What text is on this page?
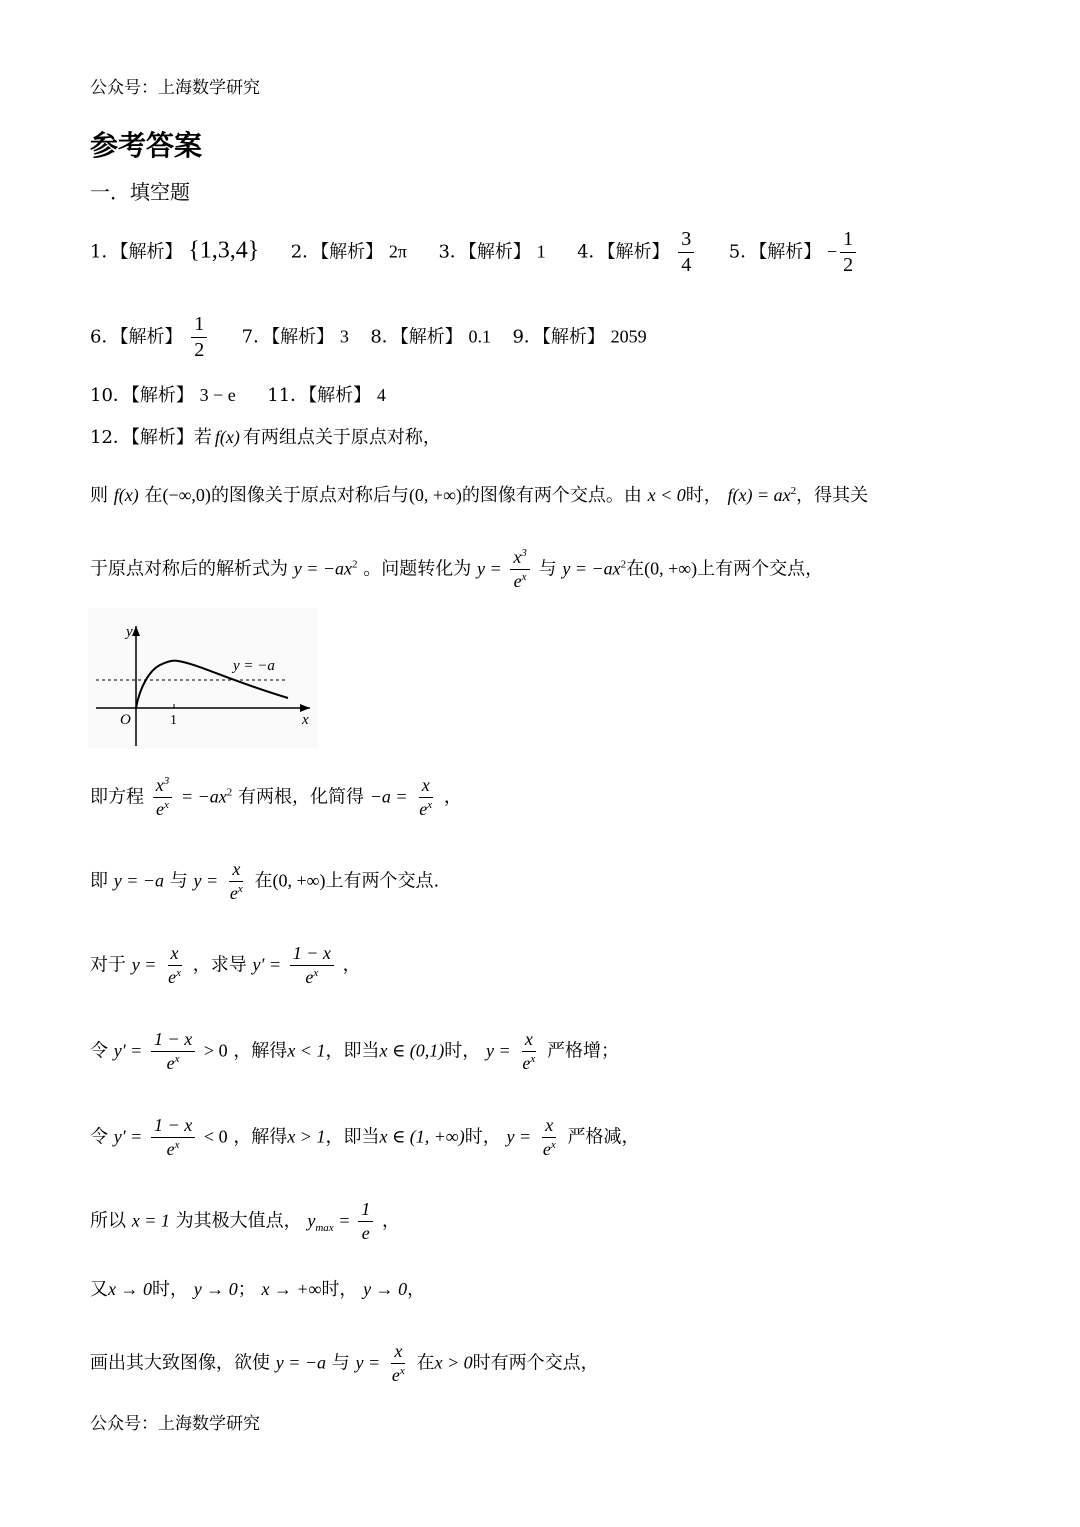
公众号：上海数学研究
参考答案
一．填空题
1．【解析】 {1,3,4} 2．【解析】 2π 3．【解析】 1 4．【解析】 $\frac{3}{4} 5$．【解析】 − $\frac{1}{2}$
6．【解析】 $\frac{1}{2} 7$．【解析】 3 8．【解析】 0.1 9．【解析】 2059
10．【解析】 3 − e 11．【解析】 4
12．【解析】若 f(x) 有两组点关于原点对称，
则 f(x) 在(−∞,0)的图像关于原点对称后与(0, +∞)的图像有两个交点。由 x < 0时， $f(x) = ax^2$，得其关
于原点对称后的解析式为 $y = -ax^2$ 。问题转化为 $y = \frac{x^3}{e^x}$ 与 $y = -ax^2$在(0, +∞)上有两个交点，
y
x
O	1
y = −a
即方程 $\frac{x^3}{e^x} = -ax^2$ 有两根，化简得 $-a = \frac{x}{e^x}$ ，
即 y = −a 与 $y = \frac{x}{e^x}$ 在(0, +∞)上有两个交点.
对于 $y = \frac{x}{e^x}$ ，求导 $y' = \frac{1 - x}{e^x}$ ，
令 $y' = \frac{1 - x}{e^x} > 0$ ，解得x < 1，即当x ∈ (0,1)时， $y = \frac{x}{e^x}$ 严格增；
令 $y' = \frac{1 - x}{e^x} < 0$ ，解得x > 1，即当x ∈ (1, +∞)时， $y = \frac{x}{e^x}$ 严格减，
所以 x = 1 为其极大值点， $y_{max} = \frac{1}{e}$ ，
又x → 0时， y → 0； x → +∞时， y → 0，
画出其大致图像，欲使 y = −a 与 $y = \frac{x}{e^x}$ 在x > 0时有两个交点，
公众号：上海数学研究
